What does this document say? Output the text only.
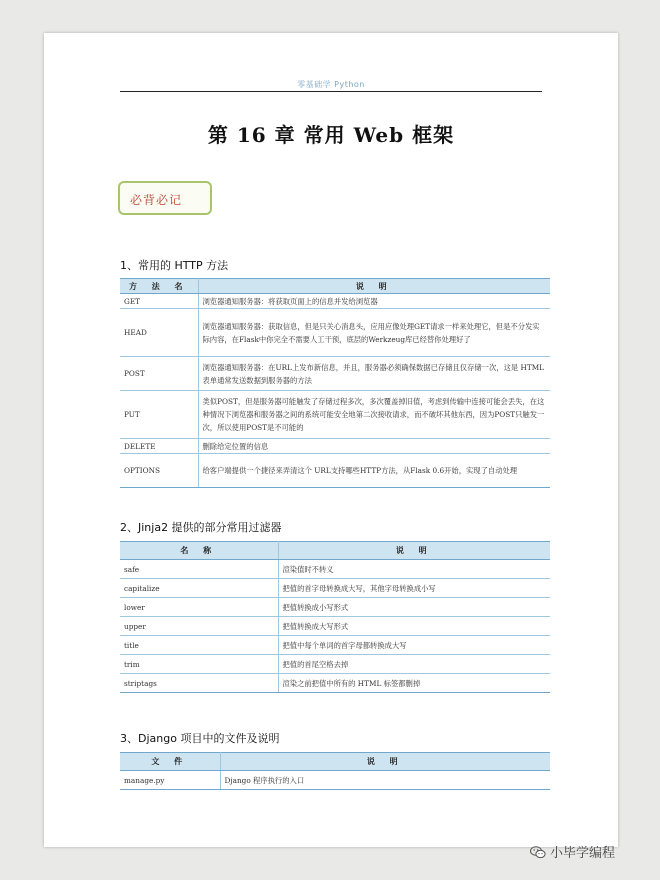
零基础学 Python
第 16 章 常用 Web 框架
必背必记
1、常用的 HTTP 方法
方 法 名	说 明
GET	浏览器通知服务器：将获取页面上的信息并发给浏览器
HEAD	浏览器通知服务器：获取信息，但是只关心消息头，应用应像处理GET请求一样来处理它，但是不分发实际内容，在Flask中你完全不需要人工干预，底层的Werkzeug库已经替你处理好了
POST	浏览器通知服务器：在URL上发布新信息，并且，服务器必须确保数据已存储且仅存储一次，这是 HTML表单通常发送数据到服务器的方法
PUT	类似POST，但是服务器可能触发了存储过程多次，多次覆盖掉旧值，考虑到传输中连接可能会丢失，在这种情况下浏览器和服务器之间的系统可能安全地第二次接收请求，而不破坏其他东西，因为POST只触发一次，所以使用POST是不可能的
DELETE	删除给定位置的信息
OPTIONS	给客户端提供一个捷径来弄清这个 URL支持哪些HTTP方法，从Flask 0.6开始，实现了自动处理
2、Jinja2 提供的部分常用过滤器
名 称	说 明
safe	渲染值时不转义
capitalize	把值的首字母转换成大写，其他字母转换成小写
lower	把值转换成小写形式
upper	把值转换成大写形式
title	把值中每个单词的首字母都转换成大写
trim	把值的首尾空格去掉
striptags	渲染之前把值中所有的 HTML 标签都删掉
3、Django 项目中的文件及说明
文 件	说 明
manage.py	Django 程序执行的入口
小毕学编程
